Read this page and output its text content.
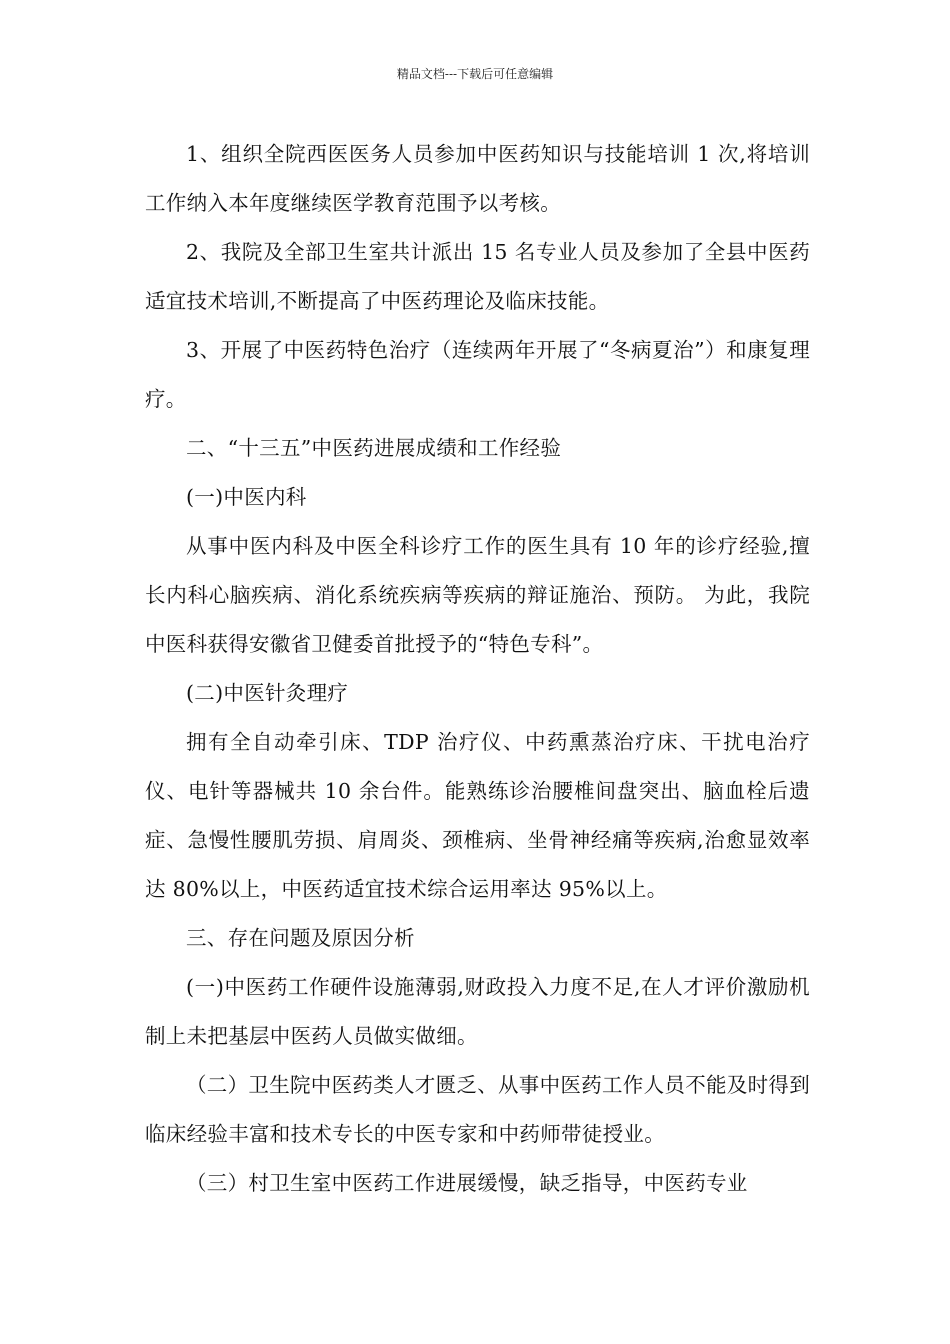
精品文档---下载后可任意编辑

1、组织全院西医医务人员参加中医药知识与技能培训 1 次,将培训工作纳入本年度继续医学教育范围予以考核。

2、我院及全部卫生室共计派出 15 名专业人员及参加了全县中医药适宜技术培训,不断提高了中医药理论及临床技能。

3、开展了中医药特色治疗（连续两年开展了“冬病夏治”）和康复理疗。

二、“十三五”中医药进展成绩和工作经验

(一)中医内科

从事中医内科及中医全科诊疗工作的医生具有 10 年的诊疗经验,擅长内科心脑疾病、消化系统疾病等疾病的辩证施治、预防。 为此，我院中医科获得安徽省卫健委首批授予的“特色专科”。

(二)中医针灸理疗

拥有全自动牵引床、TDP 治疗仪、中药熏蒸治疗床、干扰电治疗仪、电针等器械共 10 余台件。能熟练诊治腰椎间盘突出、脑血栓后遗症、急慢性腰肌劳损、肩周炎、颈椎病、坐骨神经痛等疾病,治愈显效率达 80%以上，中医药适宜技术综合运用率达 95%以上。

三、存在问题及原因分析

(一)中医药工作硬件设施薄弱,财政投入力度不足,在人才评价激励机制上未把基层中医药人员做实做细。

（二）卫生院中医药类人才匮乏、从事中医药工作人员不能及时得到临床经验丰富和技术专长的中医专家和中药师带徒授业。

（三）村卫生室中医药工作进展缓慢，缺乏指导，中医药专业
